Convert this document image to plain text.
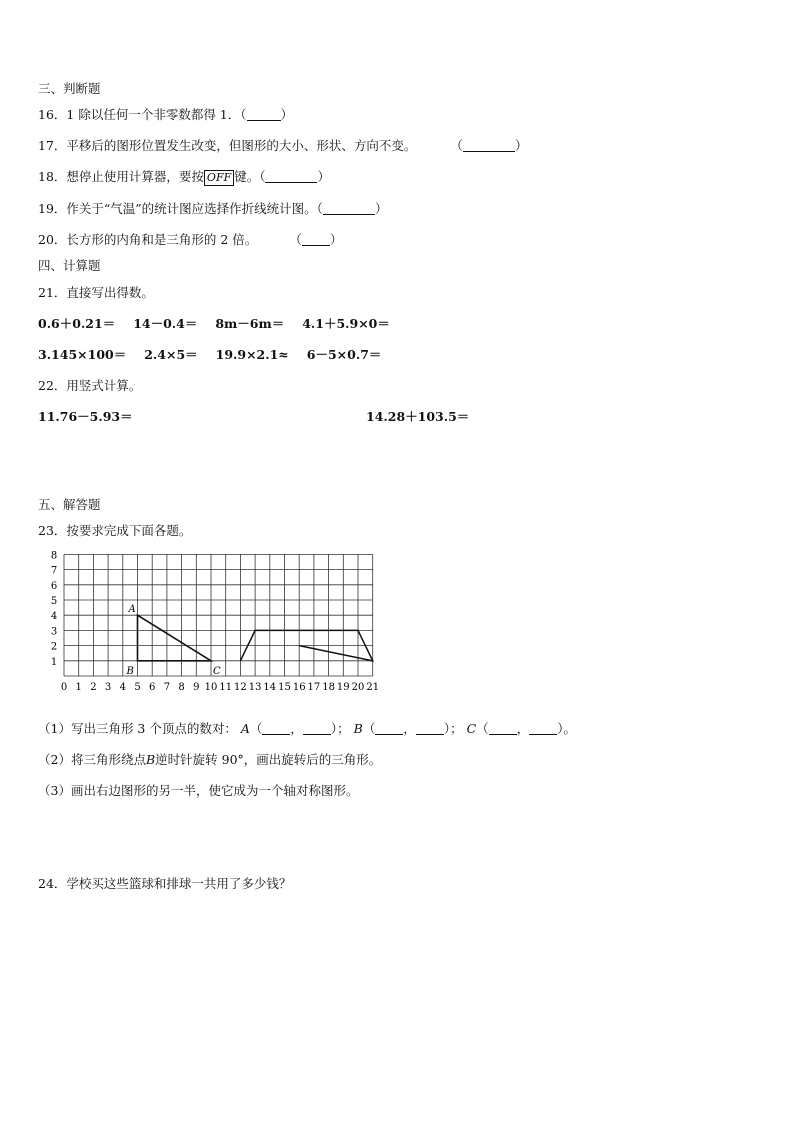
三、判断题
16．1 除以任何一个非零数都得 1．（	）
17．平移后的图形位置发生改变，但图形的大小、形状、方向不变。	（	）
18．想停止使用计算器，要按 OFF 键。（	）
19．作关于“气温”的统计图应选择作折线统计图。（	）
20．长方形的内角和是三角形的 2 倍。	（ ）
四、计算题
21．直接写出得数。
0.6＋0.21＝ 14－0.4＝ 8m－6m＝ 4.1＋5.9×0＝
3.145×100＝ 2.4×5＝ 19.9×2.1≈ 6－5×0.7＝
22．用竖式计算。
11.76－5.93＝	14.28＋103.5＝
五、解答题
23．按要求完成下面各题。
0 1 2 3 4 5 6 7 8 9 10 11 12 13 14 15 16 17 18 19 20 21
1
2
3
4
5
6
7
8
A
B	C
（1）写出三角形 3 个顶点的数对： A（ ， ）； B（ ， ）； C（ ， ）。
（2）将三角形绕点B逆时针旋转 90°，画出旋转后的三角形。
（3）画出右边图形的另一半，使它成为一个轴对称图形。
24．学校买这些篮球和排球一共用了多少钱？
